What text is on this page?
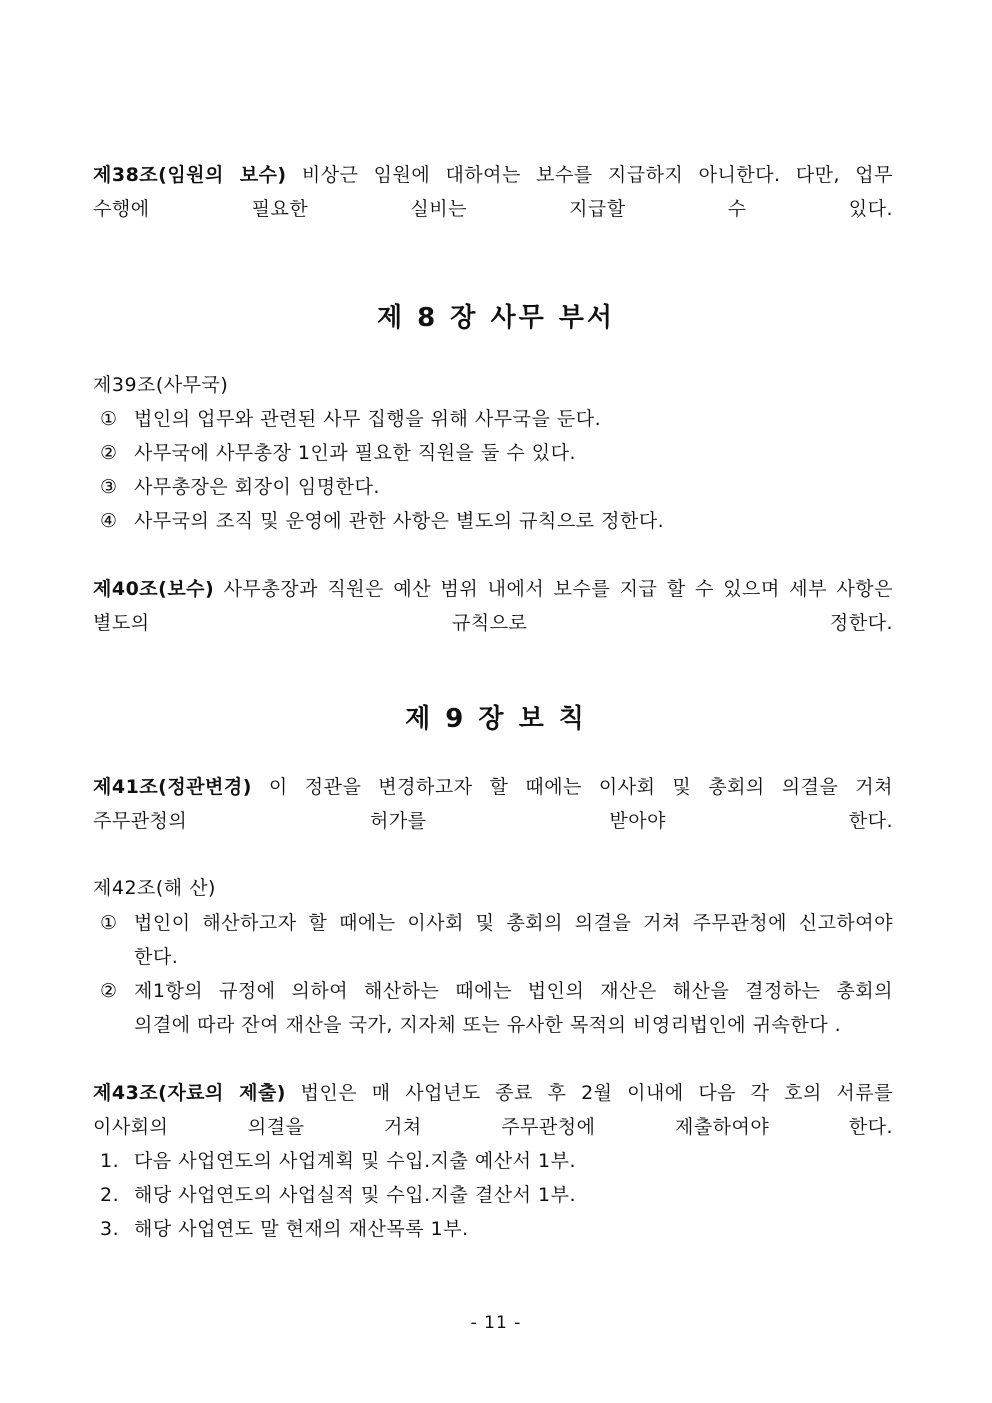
제38조(임원의 보수) 비상근 임원에 대하여는 보수를 지급하지 아니한다. 다만, 업무
수행에 필요한 실비는 지급할 수 있다.
제 8 장 사무 부서
제39조(사무국)
① 법인의 업무와 관련된 사무 집행을 위해 사무국을 둔다.
② 사무국에 사무총장 1인과 필요한 직원을 둘 수 있다.
③ 사무총장은 회장이 임명한다.
④ 사무국의 조직 및 운영에 관한 사항은 별도의 규칙으로 정한다.
제40조(보수) 사무총장과 직원은 예산 범위 내에서 보수를 지급 할 수 있으며 세부 사항은
별도의 규칙으로 정한다.
제 9 장 보 칙
제41조(정관변경) 이 정관을 변경하고자 할 때에는 이사회 및 총회의 의결을 거쳐
주무관청의 허가를 받아야 한다.
제42조(해 산)
① 법인이 해산하고자 할 때에는 이사회 및 총회의 의결을 거쳐 주무관청에 신고하여야
한다.
② 제1항의 규정에 의하여 해산하는 때에는 법인의 재산은 해산을 결정하는 총회의
의결에 따라 잔여 재산을 국가, 지자체 또는 유사한 목적의 비영리법인에 귀속한다 .
제43조(자료의 제출) 법인은 매 사업년도 종료 후 2월 이내에 다음 각 호의 서류를
이사회의 의결을 거쳐 주무관청에 제출하여야 한다.
1. 다음 사업연도의 사업계획 및 수입.지출 예산서 1부.
2. 해당 사업연도의 사업실적 및 수입.지출 결산서 1부.
3. 해당 사업연도 말 현재의 재산목록 1부.
- 11 -
